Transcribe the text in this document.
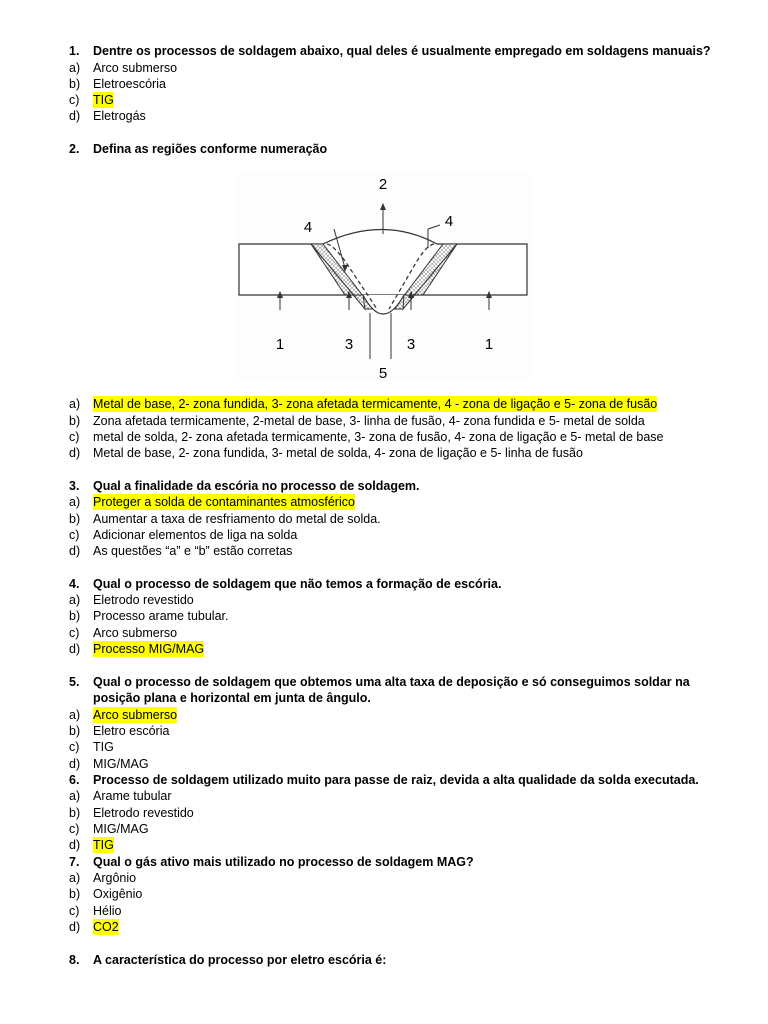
1. Dentre os processos de soldagem abaixo, qual deles é usualmente empregado em soldagens manuais?
a) Arco submerso
b) Eletroescória
c) TIG
d) Eletrogás
2. Defina as regiões conforme numeração
2
4	4
1	3	3	1
5
a) Metal de base, 2- zona fundida, 3- zona afetada termicamente, 4 - zona de ligação e 5- zona de fusão
b) Zona afetada termicamente, 2-metal de base, 3- linha de fusão, 4- zona fundida e 5- metal de solda
c) metal de solda, 2- zona afetada termicamente, 3- zona de fusão, 4- zona de ligação e 5- metal de base
d) Metal de base, 2- zona fundida, 3- metal de solda, 4- zona de ligação e 5- linha de fusão
3. Qual a finalidade da escória no processo de soldagem.
a) Proteger a solda de contaminantes atmosférico
b) Aumentar a taxa de resfriamento do metal de solda.
c) Adicionar elementos de liga na solda
d) As questões “a” e “b” estão corretas
4. Qual o processo de soldagem que não temos a formação de escória.
a) Eletrodo revestido
b) Processo arame tubular.
c) Arco submerso
d) Processo MIG/MAG
5. Qual o processo de soldagem que obtemos uma alta taxa de deposição e só conseguimos soldar na
posição plana e horizontal em junta de ângulo.
a) Arco submerso
b) Eletro escória
c) TIG
d) MIG/MAG
6. Processo de soldagem utilizado muito para passe de raiz, devida a alta qualidade da solda executada.
a) Arame tubular
b) Eletrodo revestido
c) MIG/MAG
d) TIG
7. Qual o gás ativo mais utilizado no processo de soldagem MAG?
a) Argônio
b) Oxigênio
c) Hélio
d) CO2
8. A característica do processo por eletro escória é:
